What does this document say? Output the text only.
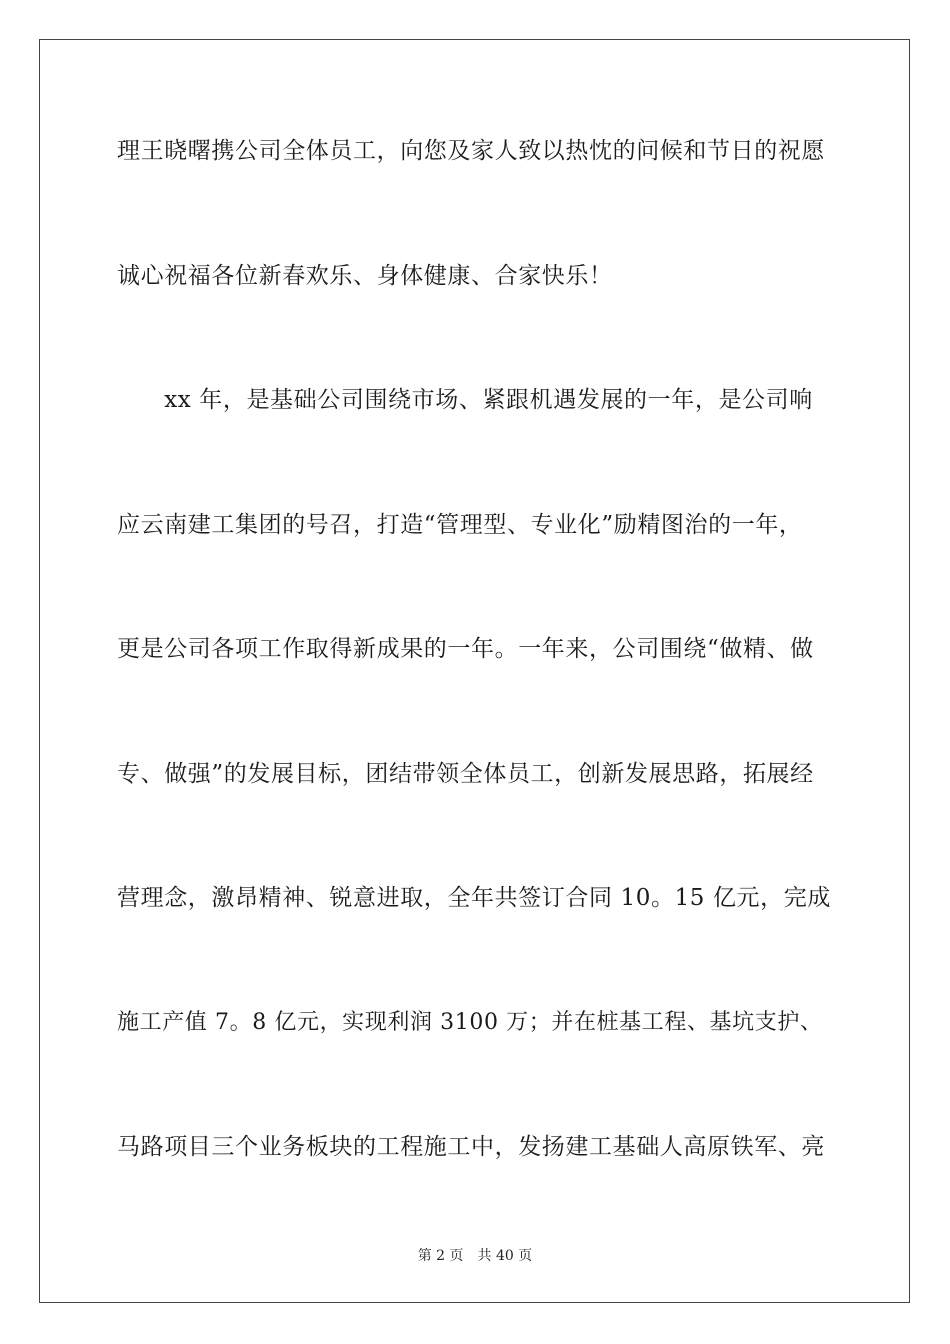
理王晓曙携公司全体员工，向您及家人致以热忱的问候和节日的祝愿
诚心祝福各位新春欢乐、身体健康、合家快乐！
　　xx 年，是基础公司围绕市场、紧跟机遇发展的一年，是公司响
应云南建工集团的号召，打造“管理型、专业化”励精图治的一年，
更是公司各项工作取得新成果的一年。一年来，公司围绕“做精、做
专、做强”的发展目标，团结带领全体员工，创新发展思路，拓展经
营理念，激昂精神、锐意进取，全年共签订合同 10。15 亿元，完成
施工产值 7。8 亿元，实现利润 3100 万；并在桩基工程、基坑支护、
马路项目三个业务板块的工程施工中，发扬建工基础人高原铁军、亮
第 2 页 共 40 页
